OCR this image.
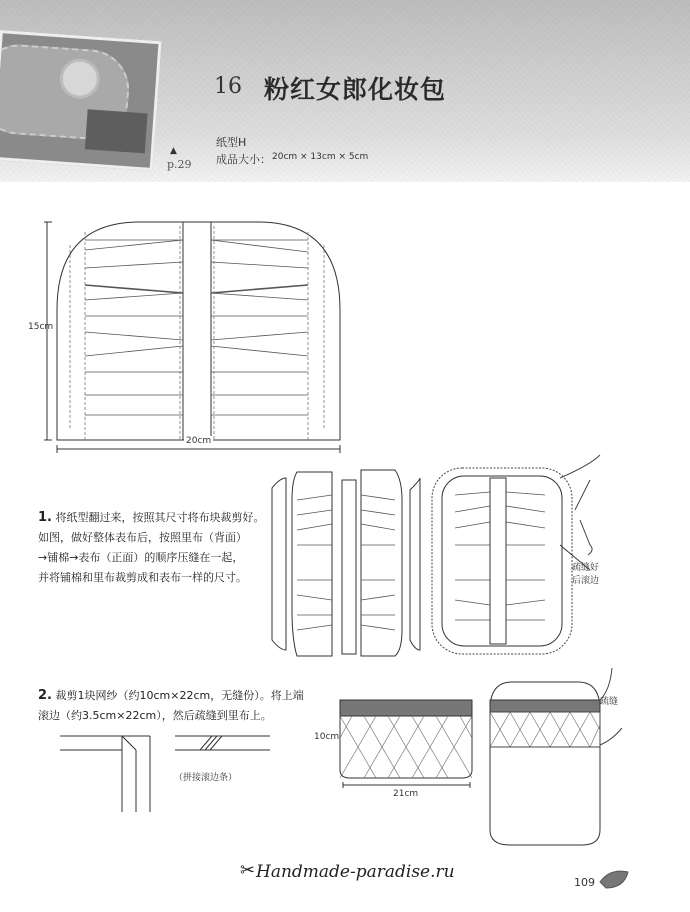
▲
p.29
16 粉红女郎化妆包
纸型H
成品大小： 20cm × 13cm × 5cm
15cm
20cm
1. 将纸型翻过来，按照其尺寸将布块裁剪好。
如图，做好整体表布后，按照里布（背面）
→铺棉→表布（正面）的顺序压缝在一起，
并将铺棉和里布裁剪成和表布一样的尺寸。
疏缝好
后滚边
2. 裁剪1块网纱（约10cm×22cm，无缝份）。将上端
滚边（约3.5cm×22cm），然后疏缝到里布上。
（拼接滚边条）
10cm
21cm
疏缝
✂ Handmade-paradise.ru
109
